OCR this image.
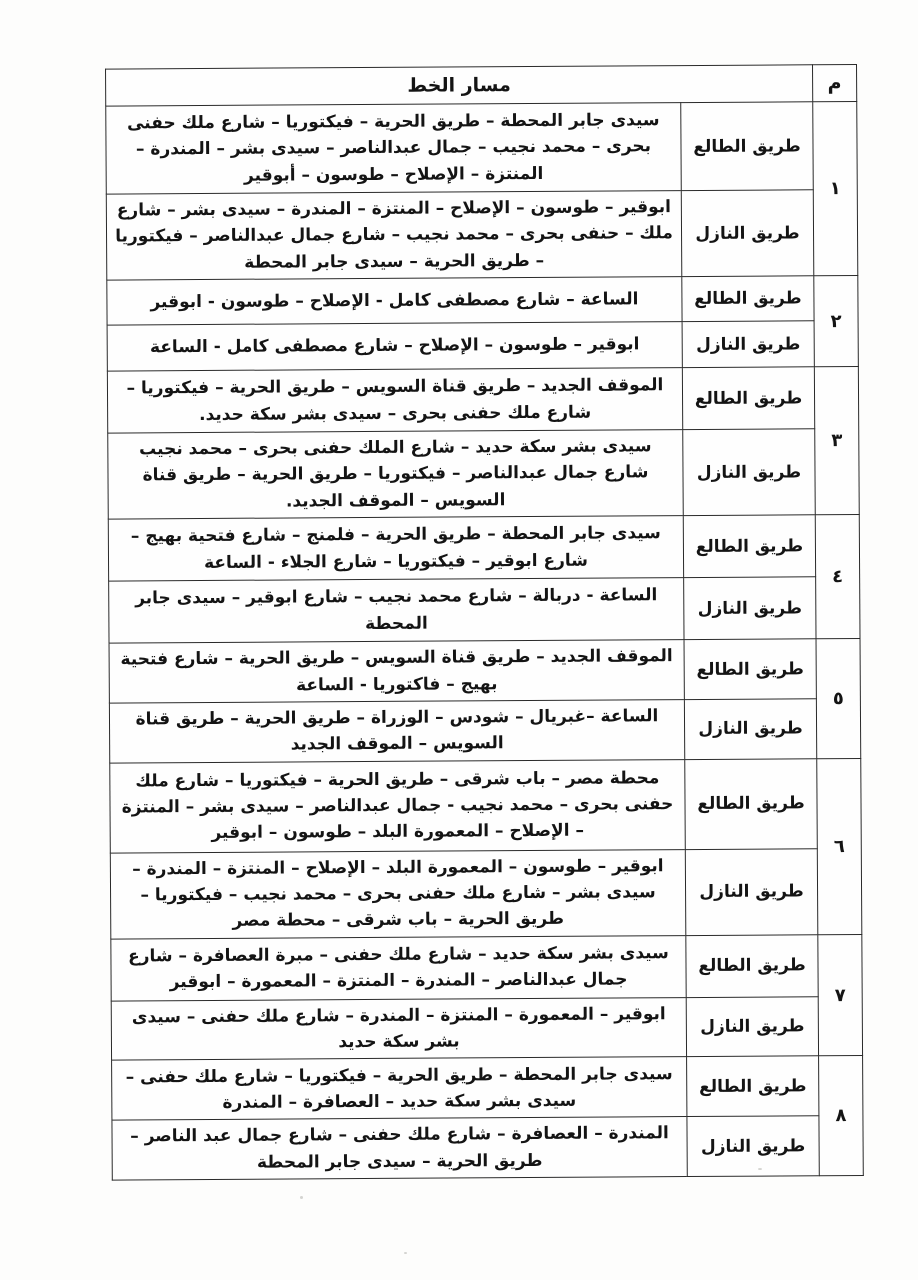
م	مسار الخط	
١	طريق الطالع	سيدى جابر المحطة – طريق الحرية – فيكتوريا – شارع ملك حفنى بحرى – محمد نجيب – جمال عبدالناصر – سيدى بشر – المندرة – المنتزة – الإصلاح – طوسون – أبوقير
	طريق النازل	ابوقير – طوسون – الإصلاح – المنتزة – المندرة – سيدى بشر – شارع ملك – حنفى بحرى – محمد نجيب – شارع جمال عبدالناصر – فيكتوريا – طريق الحرية – سيدى جابر المحطة
٢	طريق الطالع	الساعة – شارع مصطفى كامل - الإصلاح – طوسون - ابوقير
	طريق النازل	ابوقير – طوسون – الإصلاح – شارع مصطفى كامل - الساعة
٣	طريق الطالع	الموقف الجديد – طريق قناة السويس – طريق الحرية – فيكتوريا – شارع ملك حفنى بحرى – سيدى بشر سكة حديد.
	طريق النازل	سيدى بشر سكة حديد – شارع الملك حفنى بحرى – محمد نجيب شارع جمال عبدالناصر – فيكتوريا – طريق الحرية – طريق قناة السويس – الموقف الجديد.
٤	طريق الطالع	سيدى جابر المحطة – طريق الحرية – فلمنج – شارع فتحية بهيج – شارع ابوقير – فيكتوريا – شارع الجلاء - الساعة
	طريق النازل	الساعة - دربالة – شارع محمد نجيب – شارع ابوقير – سيدى جابر المحطة
٥	طريق الطالع	الموقف الجديد – طريق قناة السويس – طريق الحرية – شارع فتحية بهيج – فاكتوريا - الساعة
	طريق النازل	الساعة –غبريال – شودس – الوزراة – طريق الحرية – طريق قناة السويس – الموقف الجديد
٦	طريق الطالع	محطة مصر – باب شرقى – طريق الحرية – فيكتوريا – شارع ملك حفنى بحرى – محمد نجيب - جمال عبدالناصر – سيدى بشر – المنتزة – الإصلاح – المعمورة البلد – طوسون – ابوقير
	طريق النازل	ابوقير – طوسون – المعمورة البلد – الإصلاح – المنتزة – المندرة – سيدى بشر – شارع ملك حفنى بحرى – محمد نجيب – فيكتوريا – طريق الحرية – باب شرقى – محطة مصر
٧	طريق الطالع	سيدى بشر سكة حديد – شارع ملك حفنى – مبرة العصافرة – شارع جمال عبدالناصر – المندرة – المنتزة – المعمورة – ابوقير
	طريق النازل	ابوقير – المعمورة – المنتزة – المندرة – شارع ملك حفنى – سيدى بشر سكة حديد
٨	طريق الطالع	سيدى جابر المحطة – طريق الحرية – فيكتوريا – شارع ملك حفنى – سيدى بشر سكة حديد – العصافرة – المندرة
	طريق النازل	المندرة – العصافرة – شارع ملك حفنى – شارع جمال عبد الناصر – طريق الحرية – سيدى جابر المحطة
